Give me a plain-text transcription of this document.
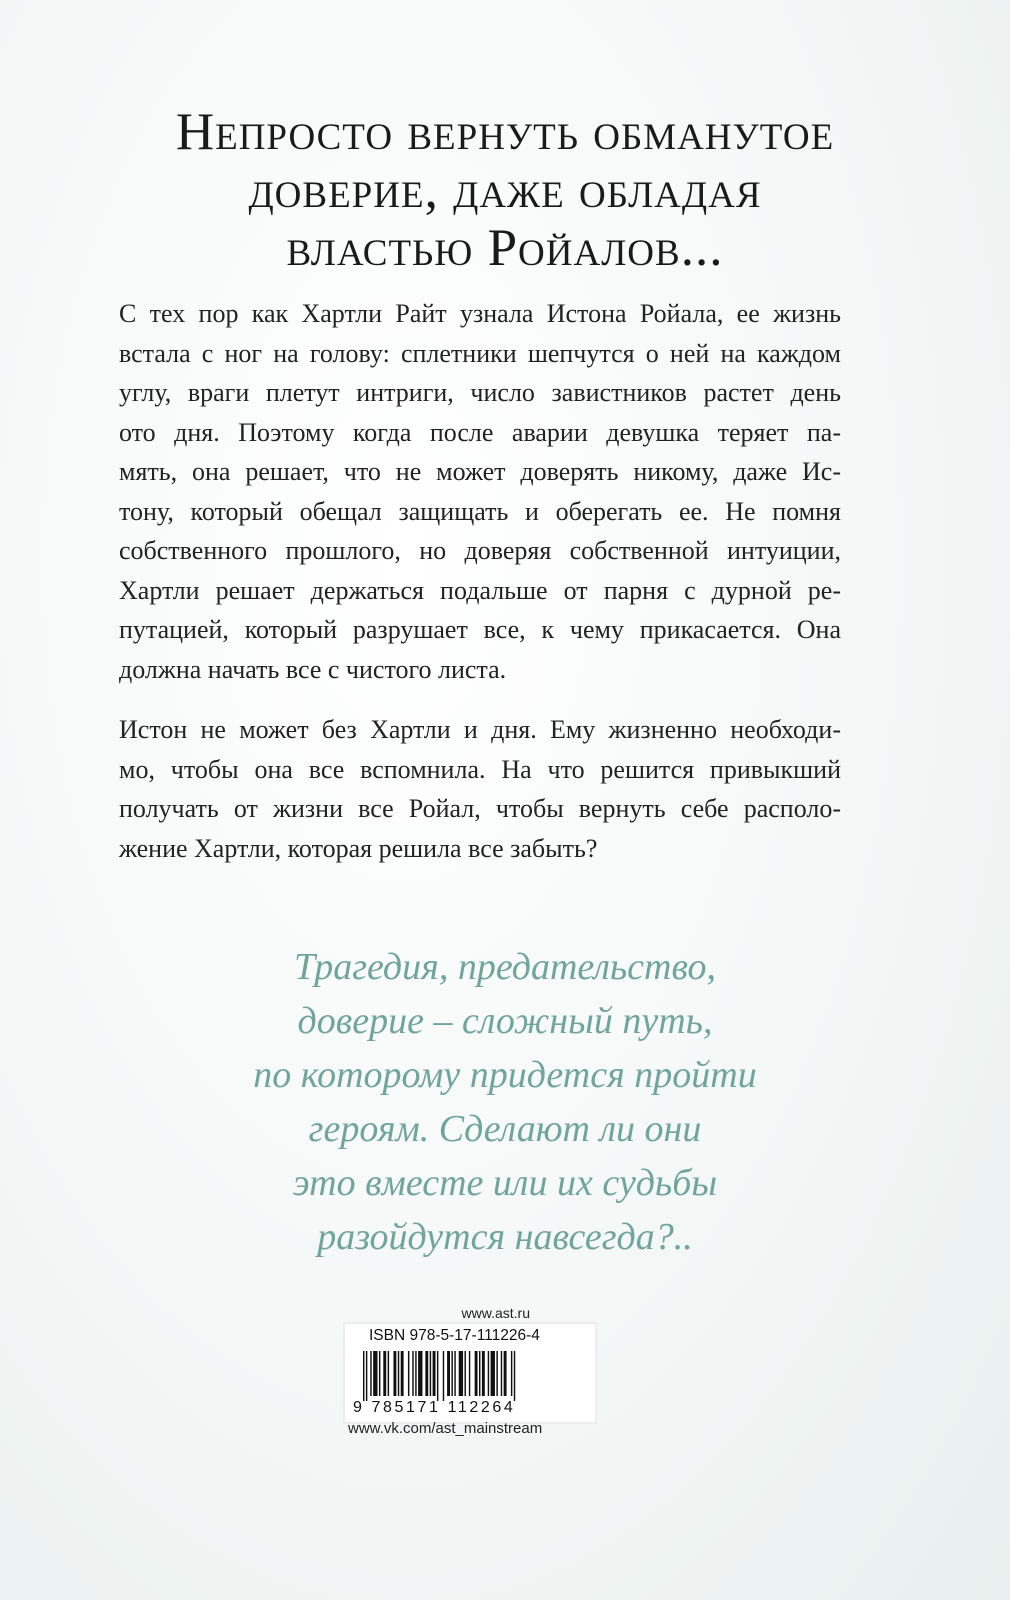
Непросто вернуть обманутое
доверие, даже обладая
властью Ройалов...

С тех пор как Хартли Райт узнала Истона Ройала, ее жизнь
встала с ног на голову: сплетники шепчутся о ней на каждом
углу, враги плетут интриги, число завистников растет день
ото дня. Поэтому когда после аварии девушка теряет па-
мять, она решает, что не может доверять никому, даже Ис-
тону, который обещал защищать и оберегать ее. Не помня
собственного прошлого, но доверяя собственной интуиции,
Хартли решает держаться подальше от парня с дурной ре-
путацией, который разрушает все, к чему прикасается. Она
должна начать все с чистого листа.

Истон не может без Хартли и дня. Ему жизненно необходи-
мо, чтобы она все вспомнила. На что решится привыкший
получать от жизни все Ройал, чтобы вернуть себе располо-
жение Хартли, которая решила все забыть?

Трагедия, предательство,
доверие – сложный путь,
по которому придется пройти
героям. Сделают ли они
это вместе или их судьбы
разойдутся навсегда?..

www.ast.ru
ISBN 978-5-17-111226-4
9 785171 112264
www.vk.com/ast_mainstream
